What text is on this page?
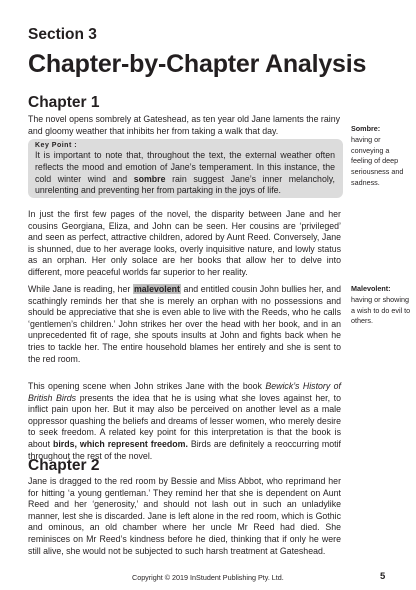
Section 3
Chapter-by-Chapter Analysis
Chapter 1

The novel opens sombrely at Gateshead, as ten year old Jane laments the rainy and gloomy weather that inhibits her from taking a walk that day.

Key Point :

It is important to note that, throughout the text, the external weather often reflects the mood and emotion of Jane’s temperament. In this instance, the cold winter wind and sombre rain suggest Jane’s inner melancholy, unrelenting and preventing her from partaking in the joys of life.

In just the first few pages of the novel, the disparity between Jane and her cousins Georgiana, Eliza, and John can be seen. Her cousins are ‘privileged’ and seen as perfect, attractive children, adored by Aunt Reed. Conversely, Jane is shunned, due to her average looks, overly inquisitive nature, and lowly status as an orphan. Her only solace are her books that allow her to delve into different, more peaceful worlds far superior to her reality.

While Jane is reading, her malevolent and entitled cousin John bullies her, and scathingly reminds her that she is merely an orphan with no possessions and should be appreciative that she is even able to live with the Reeds, who he calls ‘gentlemen’s children.’ John strikes her over the head with her book, and in an unprecedented fit of rage, she spouts insults at John and fights back when he tries to tackle her. The entire household blames her entirely and she is sent to the red room.

This opening scene when John strikes Jane with the book Bewick’s History of British Birds presents the idea that he is using what she loves against her, to inflict pain upon her. But it may also be perceived on another level as a male oppressor quashing the beliefs and dreams of lesser women, who merely desire to seek freedom. A related key point for this interpretation is that the book is about birds, which represent freedom. Birds are definitely a reoccurring motif throughout the rest of the novel.

Chapter 2

Jane is dragged to the red room by Bessie and Miss Abbot, who reprimand her for hitting ‘a young gentleman.’ They remind her that she is dependent on Aunt Reed and her ‘generosity,’ and should not lash out in such an unladylike manner, lest she is discarded. Jane is left alone in the red room, which is Gothic and ominous, an old chamber where her uncle Mr Reed had died. She reminisces on Mr Reed’s kindness before he died, thinking that if only he were still alive, she would not be subjected to such harsh treatment at Gateshead.

Sombre:
having or conveying a feeling of deep seriousness and sadness.
Malevolent:
having or showing a wish to do evil to others.

Copyright © 2019 InStudent Publishing Pty. Ltd.	5
